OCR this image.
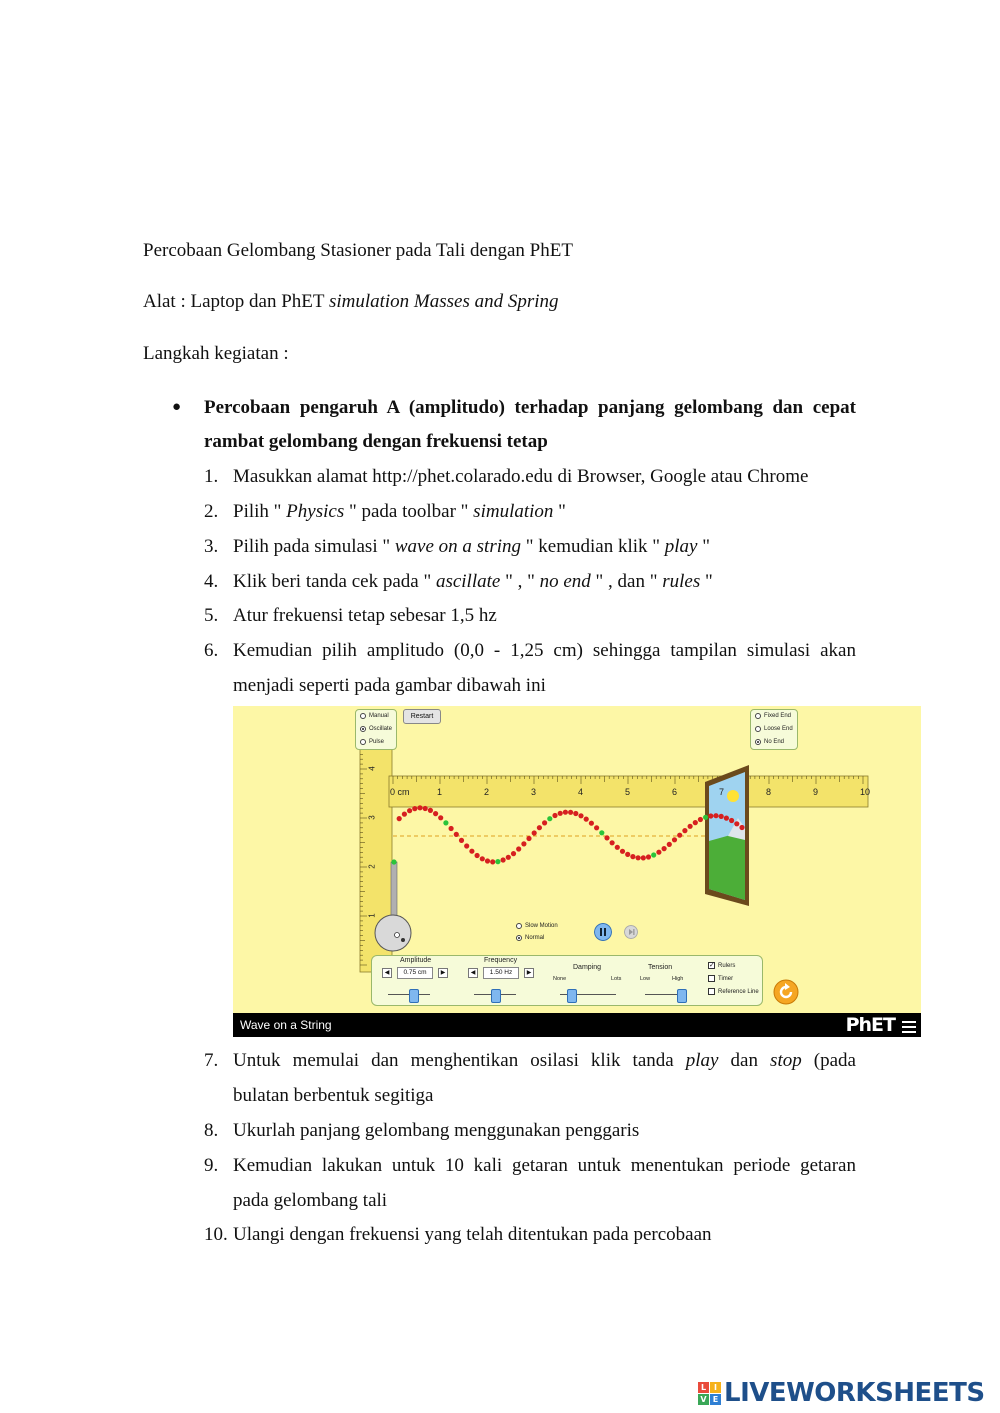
Percobaan Gelombang Stasioner pada Tali dengan PhET
Alat : Laptop dan PhET simulation Masses and Spring
Langkah kegiatan :
● Percobaan pengaruh A (amplitudo) terhadap panjang gelombang dan cepat
rambat gelombang dengan frekuensi tetap
1. Masukkan alamat http://phet.colarado.edu di Browser, Google atau Chrome
2. Pilih " Physics " pada toolbar " simulation "
3. Pilih pada simulasi " wave on a string " kemudian klik " play "
4. Klik beri tanda cek pada " ascillate " , " no end " , dan " rules "
5. Atur frekuensi tetap sebesar 1,5 hz
6. Kemudian pilih amplitudo (0,0 - 1,25 cm) sehingga tampilan simulasi akan
menjadi seperti pada gambar dibawah ini
Manual
Oscillate
Pulse
Restart	Fixed End
Loose End
No End
0 cm	1	2	3	4	5	6	7	8	9	10
1
2
3
4
Slow Motion
Normal
Amplitude
◀	0.75 cm	▶
Frequency
◀	1.50 Hz	▶
Damping
None	Lots
Tension
Low	High
✓ Rulers
Timer
Reference Line
Wave on a String	PhET
7. Untuk memulai dan menghentikan osilasi klik tanda play dan stop (pada
bulatan berbentuk segitiga
8. Ukurlah panjang gelombang menggunakan penggaris
9. Kemudian lakukan untuk 10 kali getaran untuk menentukan periode getaran
pada gelombang tali
10. Ulangi dengan frekuensi yang telah ditentukan pada percobaan
L I
V E LIVEWORKSHEETS
